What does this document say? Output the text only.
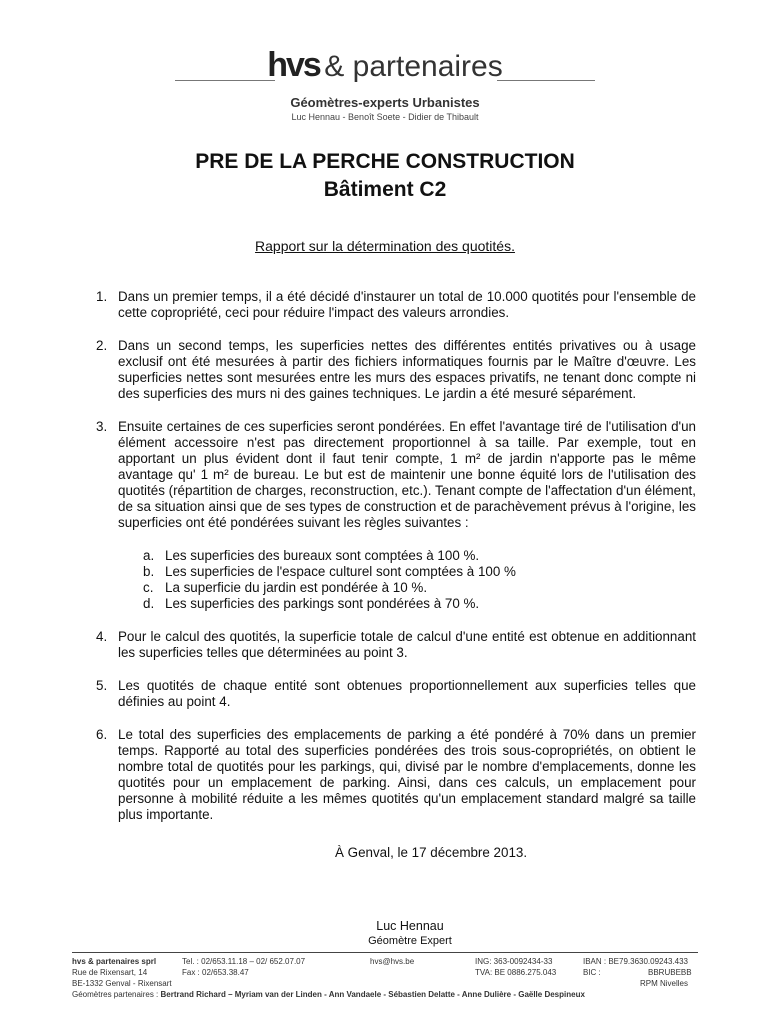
hvs & partenaires
Géomètres-experts Urbanistes
Luc Hennau - Benoît Soete - Didier de Thibault
PRE DE LA PERCHE CONSTRUCTION
Bâtiment C2
Rapport sur la détermination des quotités.
1. Dans un premier temps, il a été décidé d'instaurer un total de 10.000 quotités pour l'ensemble de cette copropriété, ceci pour réduire l'impact des valeurs arrondies.
2. Dans un second temps, les superficies nettes des différentes entités privatives ou à usage exclusif ont été mesurées à partir des fichiers informatiques fournis par le Maître d'œuvre. Les superficies nettes sont mesurées entre les murs des espaces privatifs, ne tenant donc compte ni des superficies des murs ni des gaines techniques. Le jardin a été mesuré séparément.
3. Ensuite certaines de ces superficies seront pondérées. En effet l'avantage tiré de l'utilisation d'un élément accessoire n'est pas directement proportionnel à sa taille. Par exemple, tout en apportant un plus évident dont il faut tenir compte, 1 m² de jardin n'apporte pas le même avantage qu' 1 m² de bureau. Le but est de maintenir une bonne équité lors de l'utilisation des quotités (répartition de charges, reconstruction, etc.). Tenant compte de l'affectation d'un élément, de sa situation ainsi que de ses types de construction et de parachèvement prévus à l'origine, les superficies ont été pondérées suivant les règles suivantes :
a. Les superficies des bureaux sont comptées à 100 %.
b. Les superficies de l'espace culturel sont comptées à 100 %
c. La superficie du jardin est pondérée à 10 %.
d. Les superficies des parkings sont pondérées à 70 %.
4. Pour le calcul des quotités, la superficie totale de calcul d'une entité est obtenue en additionnant les superficies telles que déterminées au point 3.
5. Les quotités de chaque entité sont obtenues proportionnellement aux superficies telles que définies au point 4.
6. Le total des superficies des emplacements de parking a été pondéré à 70% dans un premier temps. Rapporté au total des superficies pondérées des trois sous-copropriétés, on obtient le nombre total de quotités pour les parkings, qui, divisé par le nombre d'emplacements, donne les quotités pour un emplacement de parking. Ainsi, dans ces calculs, un emplacement pour personne à mobilité réduite a les mêmes quotités qu'un emplacement standard malgré sa taille plus importante.
À Genval, le 17 décembre 2013.
Luc Hennau
Géomètre Expert
hvs & partenaires sprl
Rue de Rixensart, 14
BE-1332 Genval - Rixensart
Tel. : 02/653.11.18 – 02/ 652.07.07
Fax : 02/653.38.47
hvs@hvs.be	ING: 363-0092434-33
TVA: BE 0886.275.043
IBAN : BE79.3630.09243.433
BIC :	BBRUBEBB
RPM Nivelles
Géomètres partenaires : Bertrand Richard – Myriam van der Linden - Ann Vandaele - Sébastien Delatte - Anne Dulière - Gaëlle Despineux
